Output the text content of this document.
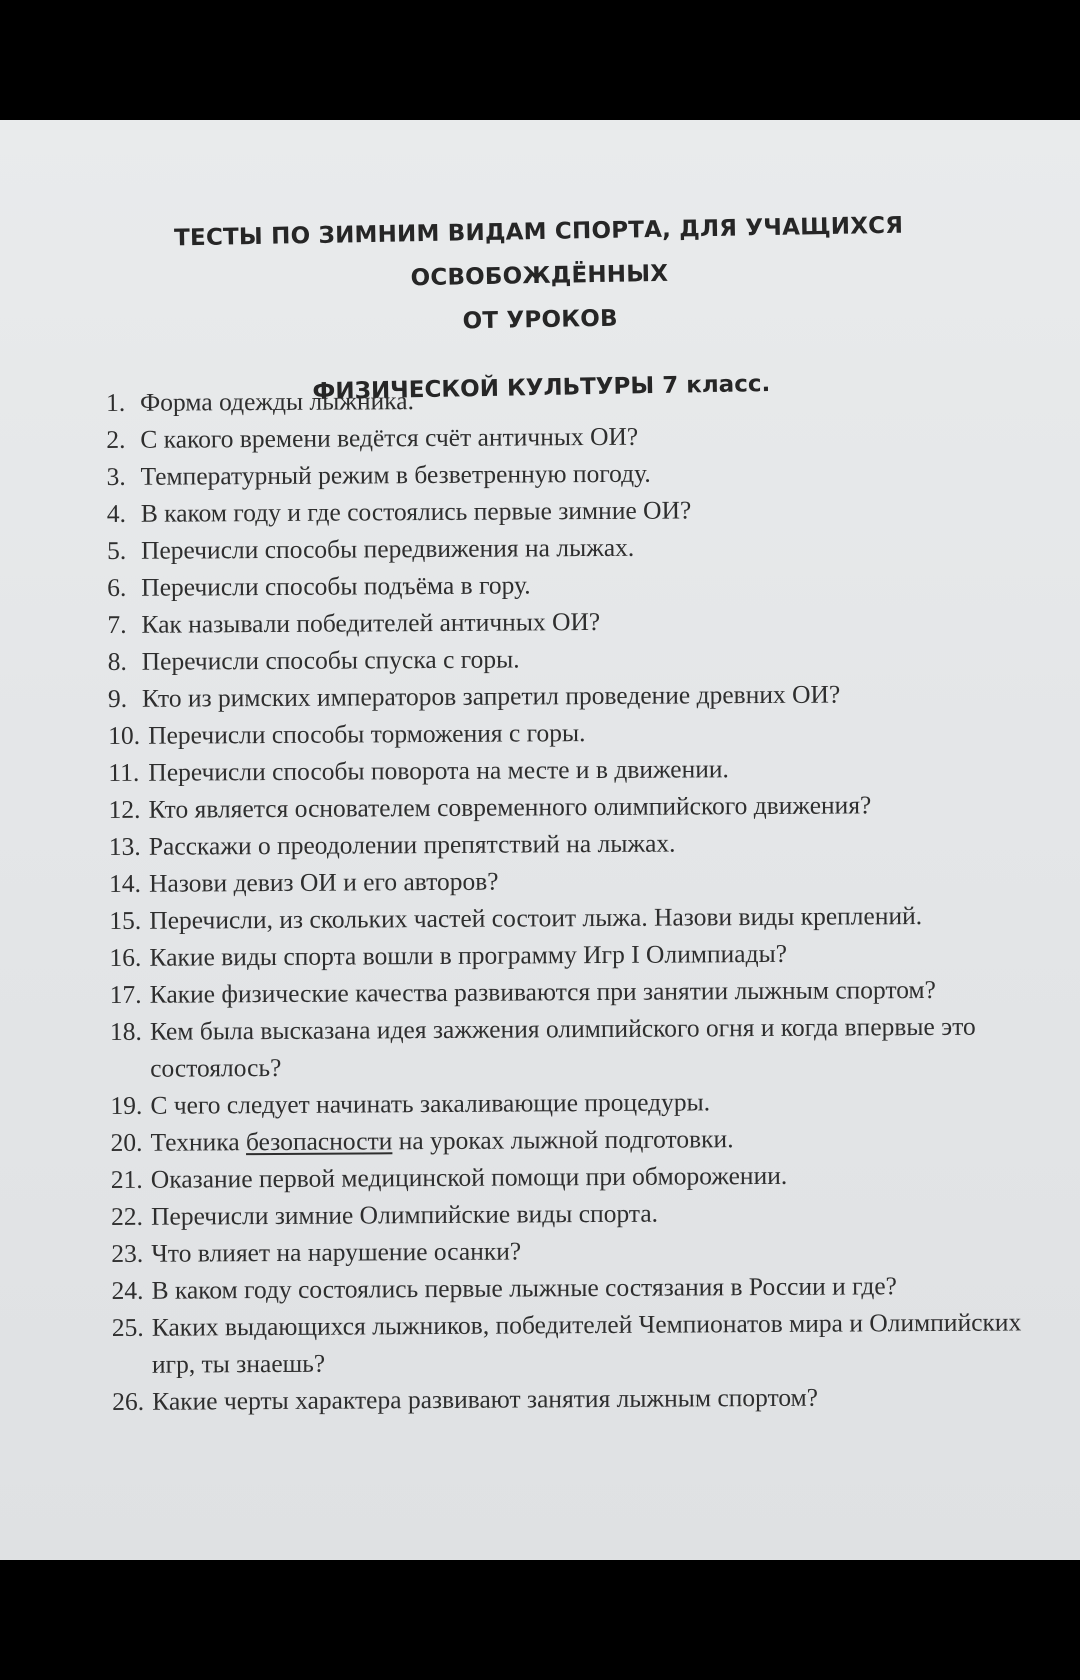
ТЕСТЫ ПО ЗИМНИМ ВИДАМ СПОРТА, ДЛЯ УЧАЩИХСЯ ОСВОБОЖДЁННЫХ
ОТ УРОКОВ
ФИЗИЧЕСКОЙ КУЛЬТУРЫ 7 класс.
1. Форма одежды лыжника.
2. С какого времени ведётся счёт античных ОИ?
3. Температурный режим в безветренную погоду.
4. В каком году и где состоялись первые зимние ОИ?
5. Перечисли способы передвижения на лыжах.
6. Перечисли способы подъёма в гору.
7. Как называли победителей античных ОИ?
8. Перечисли способы спуска с горы.
9. Кто из римских императоров запретил проведение древних ОИ?
10. Перечисли способы торможения с горы.
11. Перечисли способы поворота на месте и в движении.
12. Кто является основателем современного олимпийского движения?
13. Расскажи о преодолении препятствий на лыжах.
14. Назови девиз ОИ и его авторов?
15. Перечисли, из скольких частей состоит лыжа. Назови виды креплений.
16. Какие виды спорта вошли в программу Игр I Олимпиады?
17. Какие физические качества развиваются при занятии лыжным спортом?
18. Кем была высказана идея зажжения олимпийского огня и когда впервые это состоялось?
19. С чего следует начинать закаливающие процедуры.
20. Техника безопасности на уроках лыжной подготовки.
21. Оказание первой медицинской помощи при обморожении.
22. Перечисли зимние Олимпийские виды спорта.
23. Что влияет на нарушение осанки?
24. В каком году состоялись первые лыжные состязания в России и где?
25. Каких выдающихся лыжников, победителей Чемпионатов мира и Олимпийских игр, ты знаешь?
26. Какие черты характера развивают занятия лыжным спортом?
